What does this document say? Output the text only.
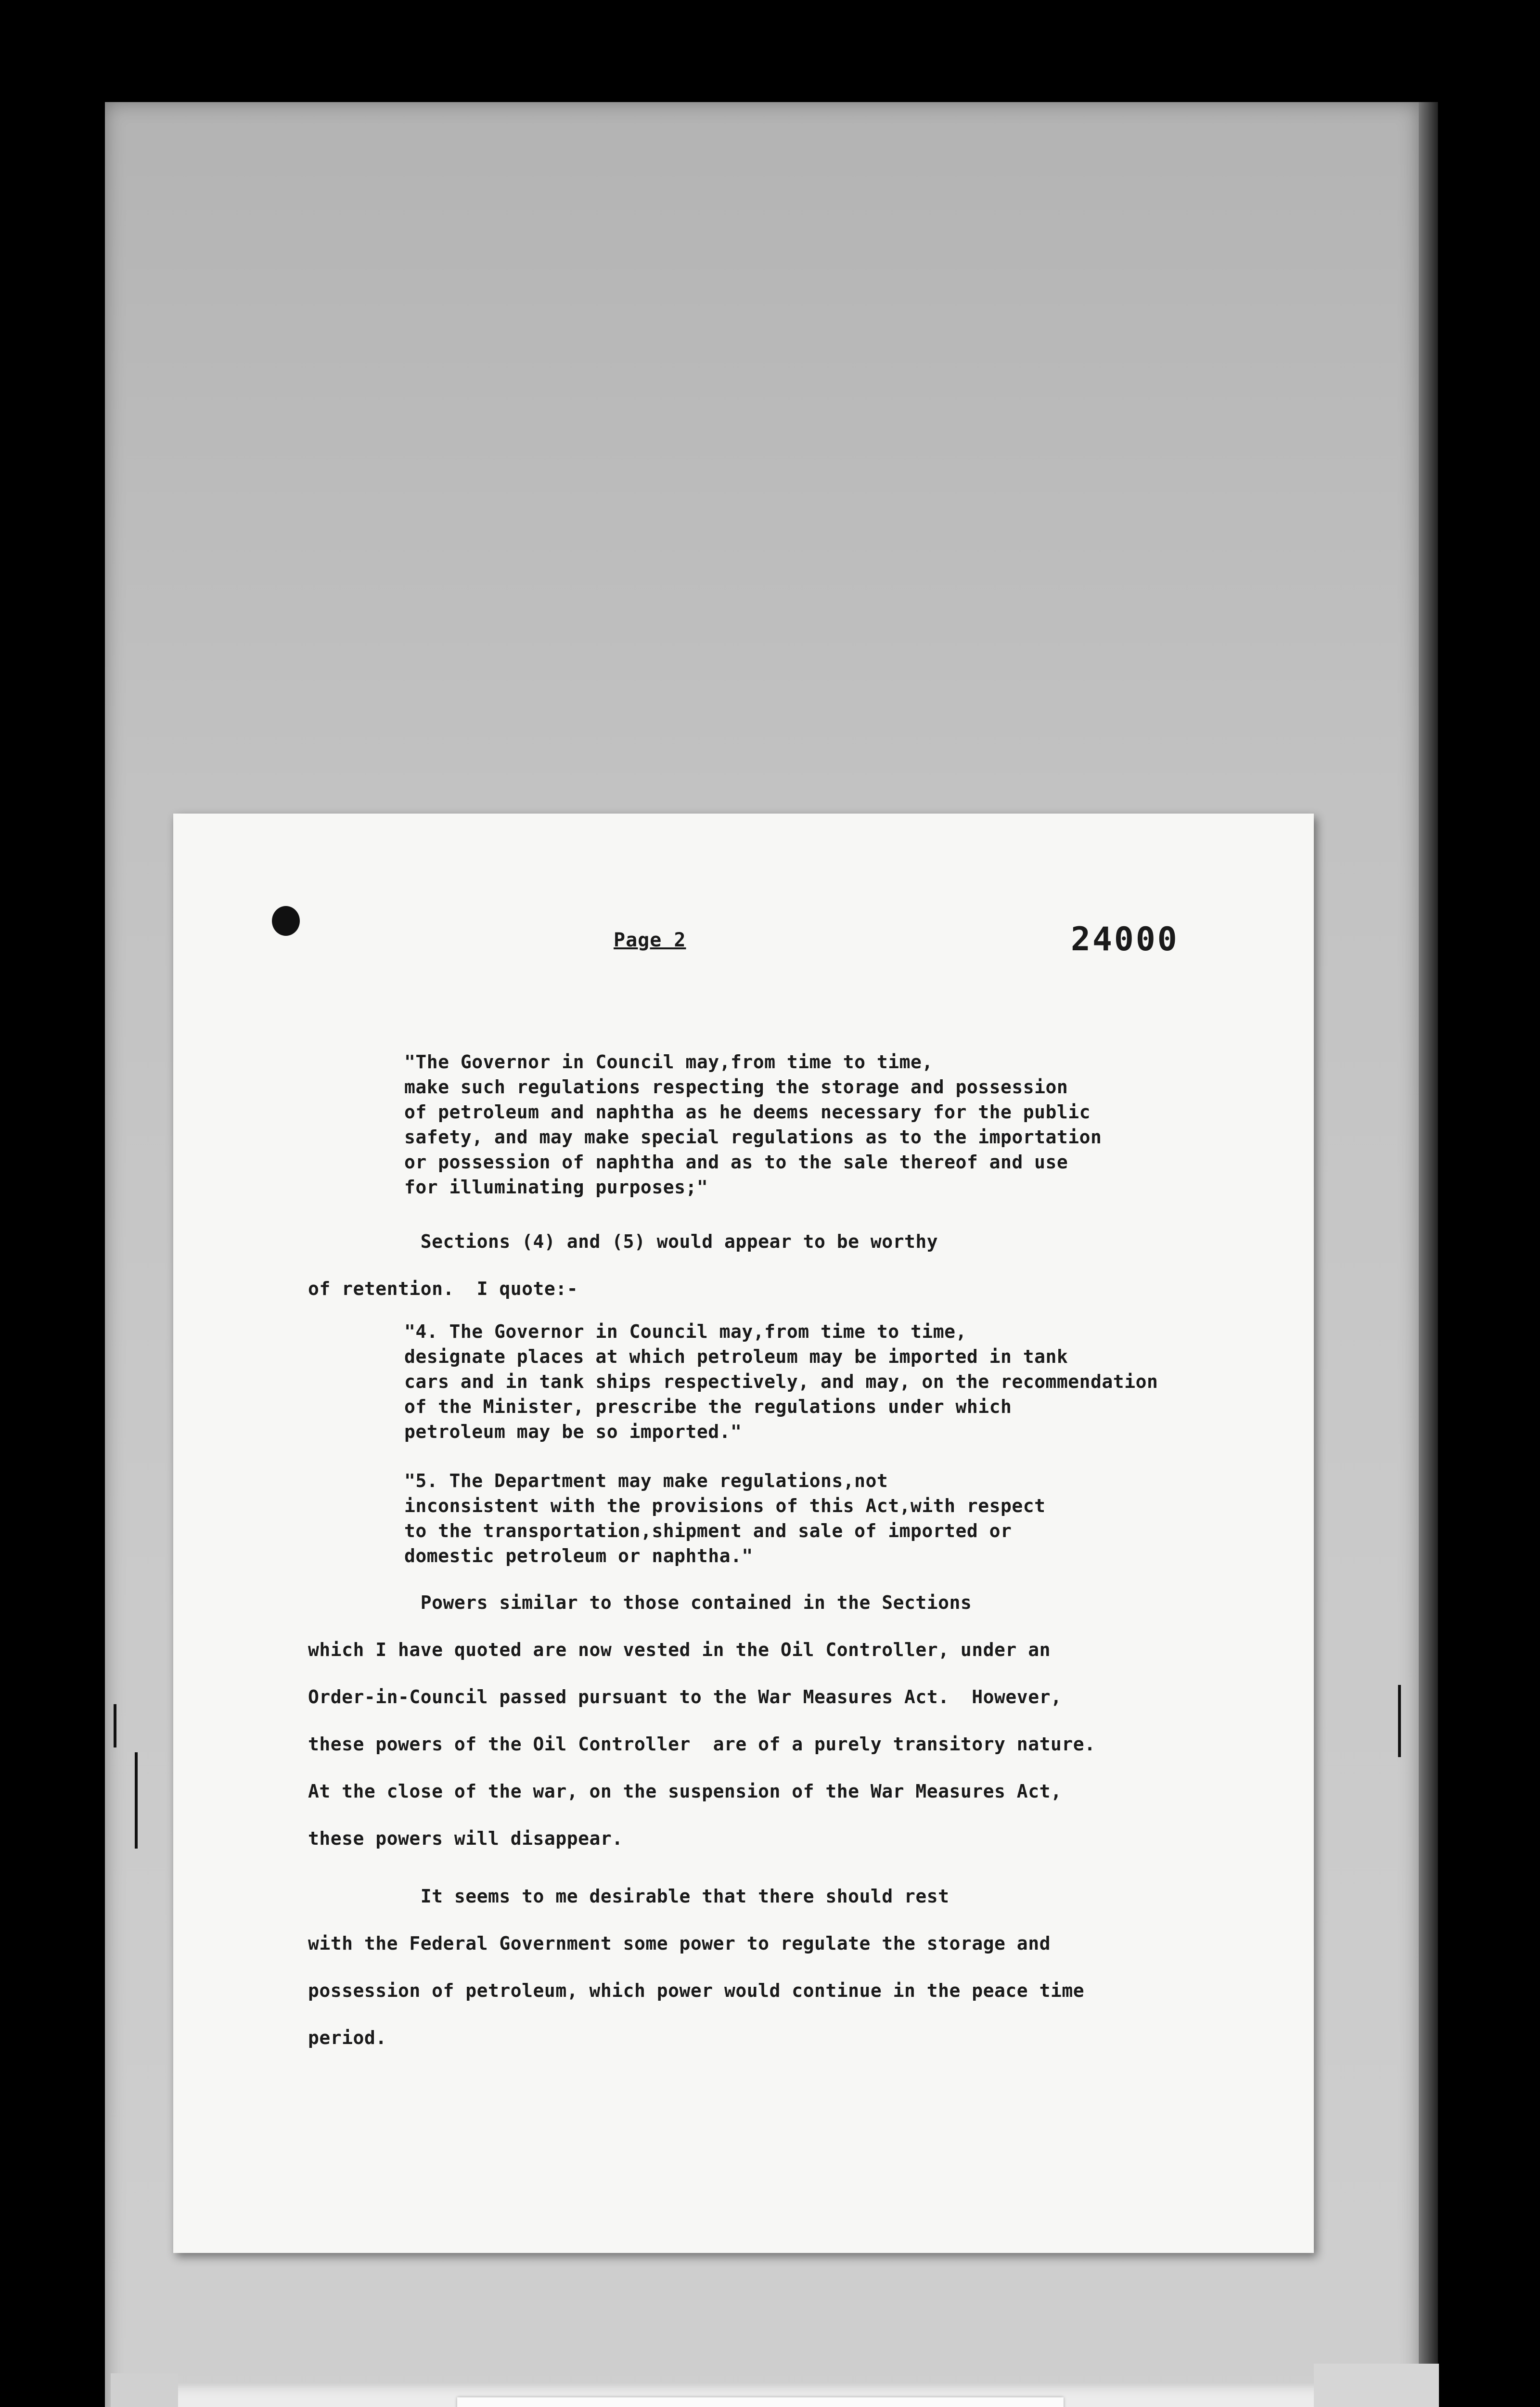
Page 2	24000
"The Governor in Council may,from time to time,
make such regulations respecting the storage and possession
of petroleum and naphtha as he deems necessary for the public
safety, and may make special regulations as to the importation
or possession of naphtha and as to the sale thereof and use
for illuminating purposes;"
Sections (4) and (5) would appear to be worthy
of retention.  I quote:-
"4. The Governor in Council may,from time to time,
designate places at which petroleum may be imported in tank
cars and in tank ships respectively, and may, on the recommendation
of the Minister, prescribe the regulations under which
petroleum may be so imported."
"5. The Department may make regulations,not
inconsistent with the provisions of this Act,with respect
to the transportation,shipment and sale of imported or
domestic petroleum or naphtha."
Powers similar to those contained in the Sections
which I have quoted are now vested in the Oil Controller, under an
Order-in-Council passed pursuant to the War Measures Act.  However,
these powers of the Oil Controller  are of a purely transitory nature.
At the close of the war, on the suspension of the War Measures Act,
these powers will disappear.
It seems to me desirable that there should rest
with the Federal Government some power to regulate the storage and
possession of petroleum, which power would continue in the peace time
period.
